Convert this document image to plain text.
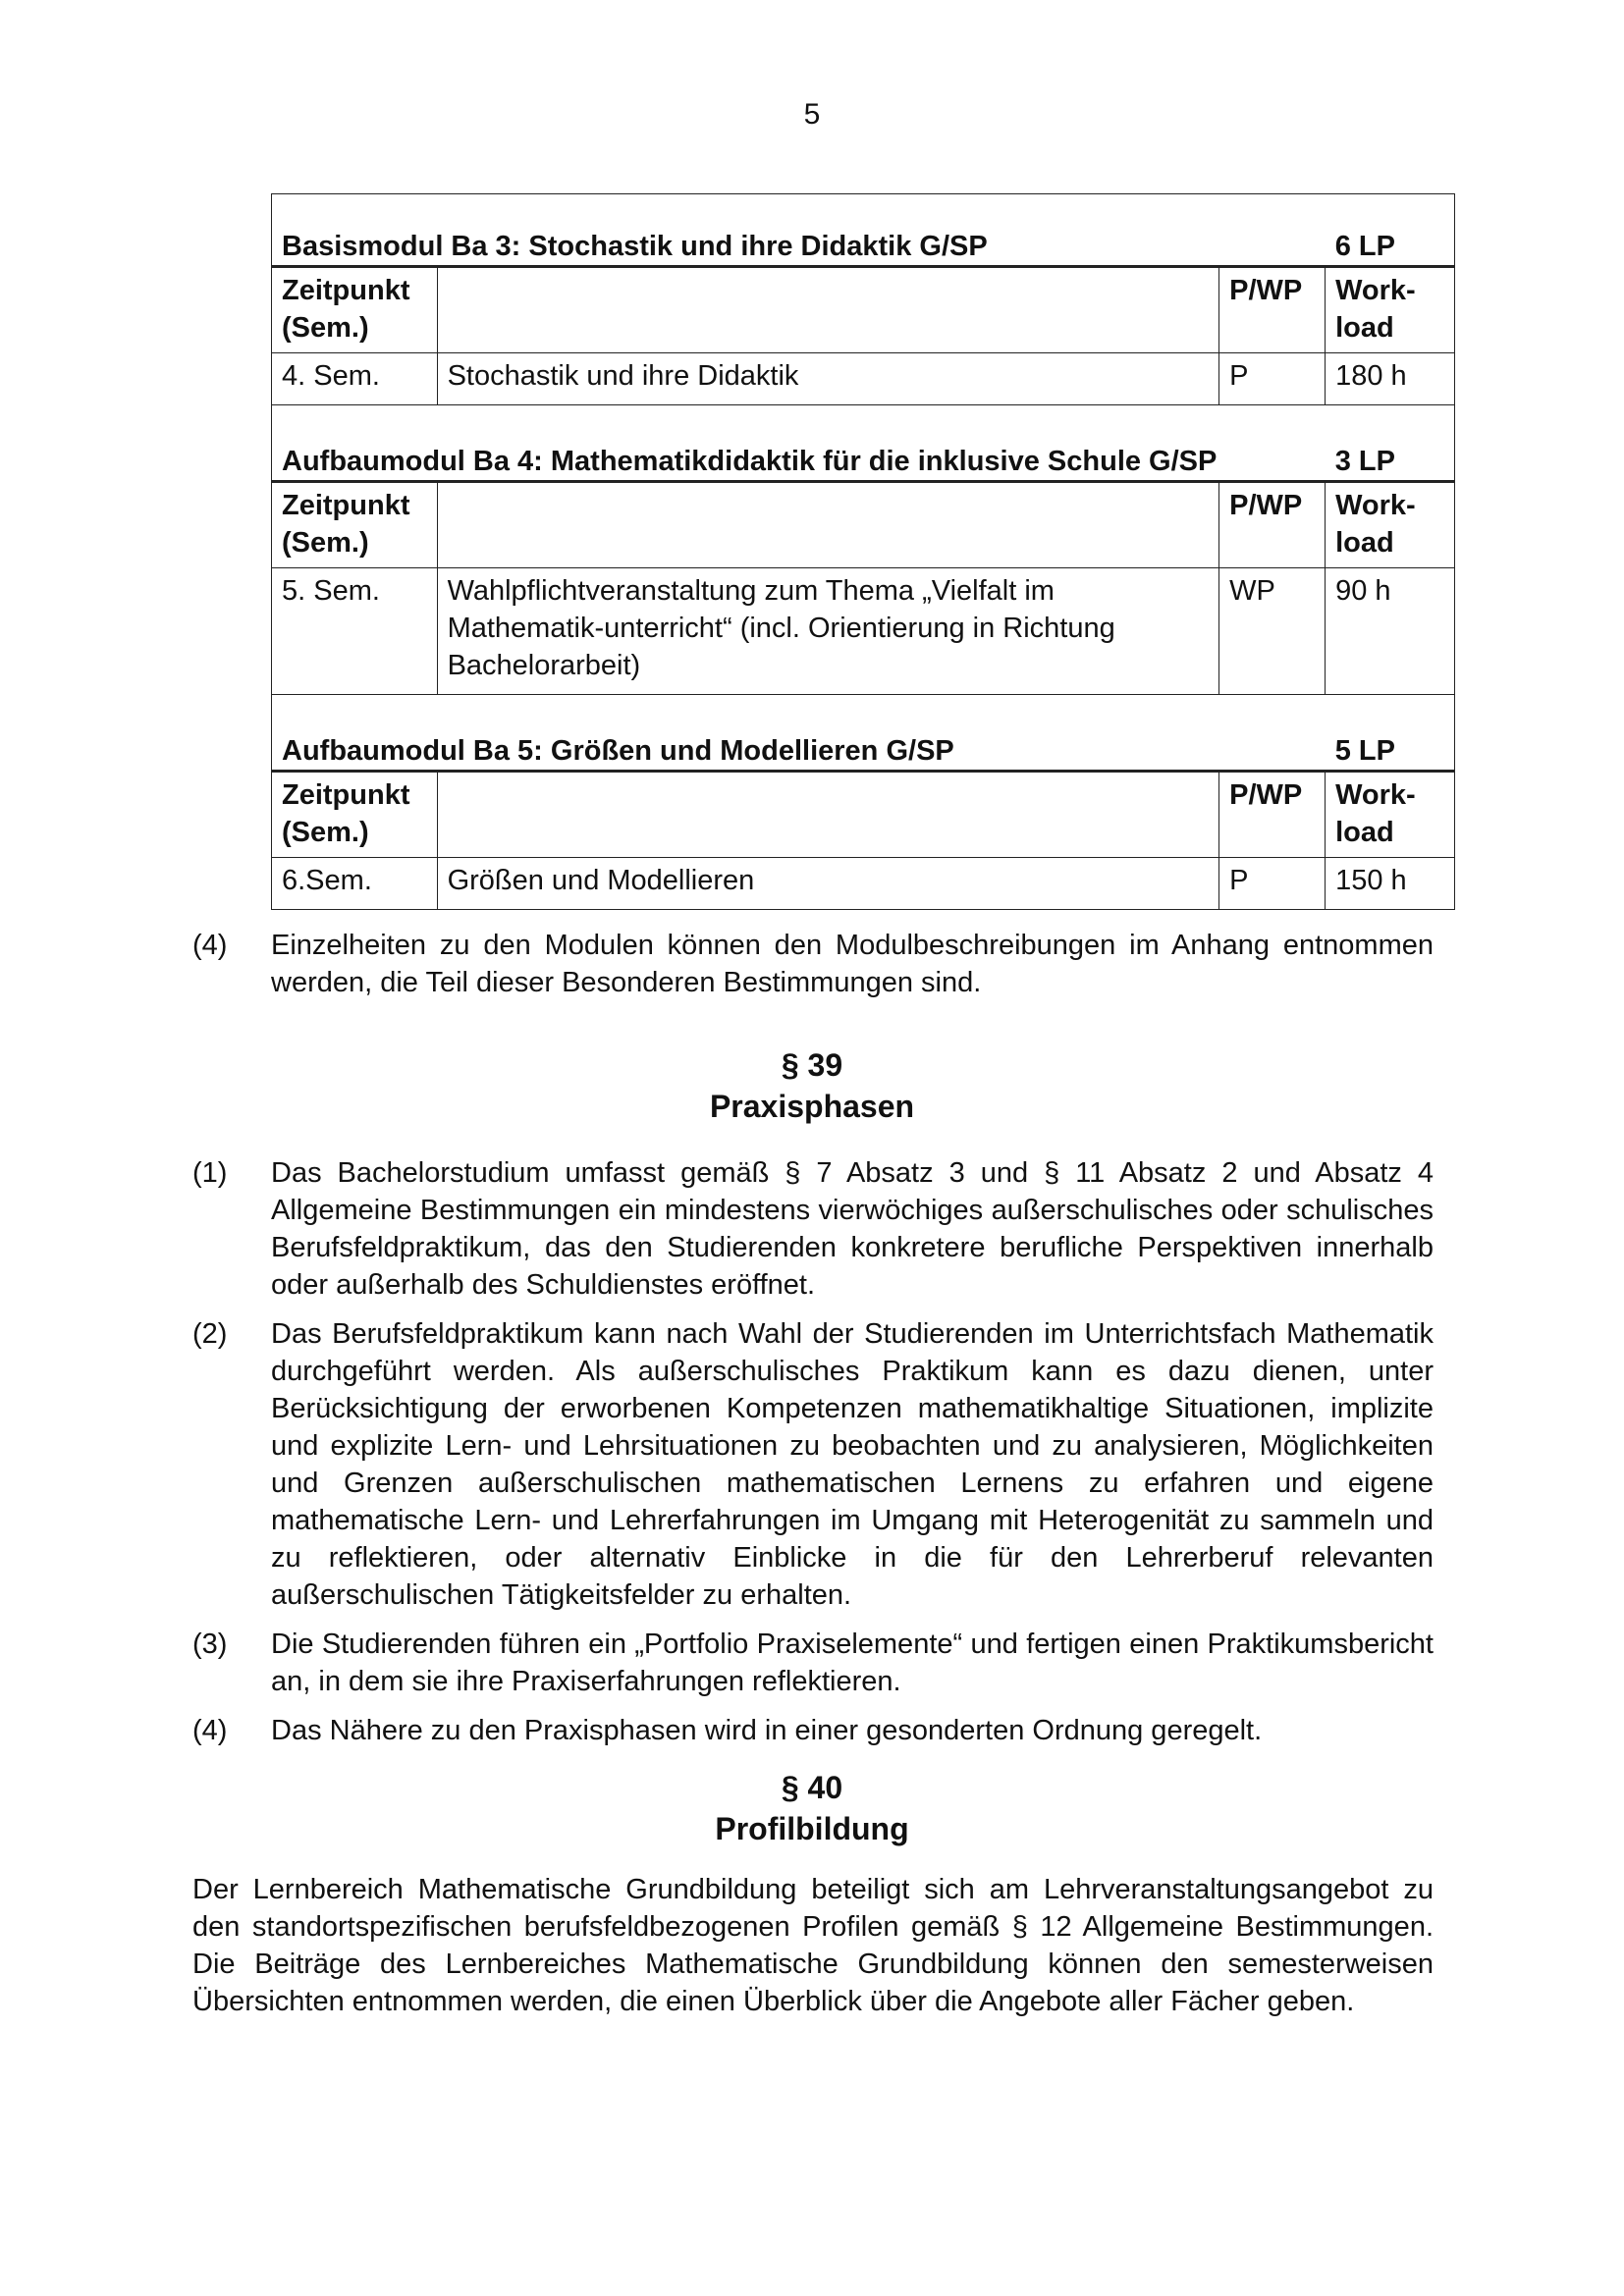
5
Basismodul Ba 3: Stochastik und ihre Didaktik G/SP	6 LP
Zeitpunkt (Sem.)		P/WP	Work-load
4. Sem.	Stochastik und ihre Didaktik	P	180 h
Aufbaumodul Ba 4: Mathematikdidaktik für die inklusive Schule G/SP	3 LP
Zeitpunkt (Sem.)		P/WP	Work-load
5. Sem.	Wahlpflichtveranstaltung zum Thema „Vielfalt im Mathematik-unterricht“ (incl. Orientierung in Richtung Bachelorarbeit)	WP	90 h
Aufbaumodul Ba 5: Größen und Modellieren G/SP	5 LP
Zeitpunkt (Sem.)		P/WP	Work-load
6.Sem.	Größen und Modellieren	P	150 h
(4)	Einzelheiten zu den Modulen können den Modulbeschreibungen im Anhang entnommen werden, die Teil dieser Besonderen Bestimmungen sind.
§ 39
Praxisphasen
(1)	Das Bachelorstudium umfasst gemäß § 7 Absatz 3 und § 11 Absatz 2 und Absatz 4 Allgemeine Bestimmungen ein mindestens vierwöchiges außerschulisches oder schulisches Berufsfeldpraktikum, das den Studierenden konkretere berufliche Perspektiven innerhalb oder außerhalb des Schuldienstes eröffnet.
(2)	Das Berufsfeldpraktikum kann nach Wahl der Studierenden im Unterrichtsfach Mathematik durchgeführt werden. Als außerschulisches Praktikum kann es dazu dienen, unter Berücksichtigung der erworbenen Kompetenzen mathematikhaltige Situationen, implizite und explizite Lern- und Lehrsituationen zu beobachten und zu analysieren, Möglichkeiten und Grenzen außerschulischen mathematischen Lernens zu erfahren und eigene mathematische Lern- und Lehrerfahrungen im Umgang mit Heterogenität zu sammeln und zu reflektieren, oder alternativ Einblicke in die für den Lehrerberuf relevanten außerschulischen Tätigkeitsfelder zu erhalten.
(3)	Die Studierenden führen ein „Portfolio Praxiselemente“ und fertigen einen Praktikumsbericht an, in dem sie ihre Praxiserfahrungen reflektieren.
(4)	Das Nähere zu den Praxisphasen wird in einer gesonderten Ordnung geregelt.
§ 40
Profilbildung
Der Lernbereich Mathematische Grundbildung beteiligt sich am Lehrveranstaltungsangebot zu den standortspezifischen berufsfeldbezogenen Profilen gemäß § 12 Allgemeine Bestimmungen. Die Beiträge des Lernbereiches Mathematische Grundbildung können den semesterweisen Übersichten entnommen werden, die einen Überblick über die Angebote aller Fächer geben.
